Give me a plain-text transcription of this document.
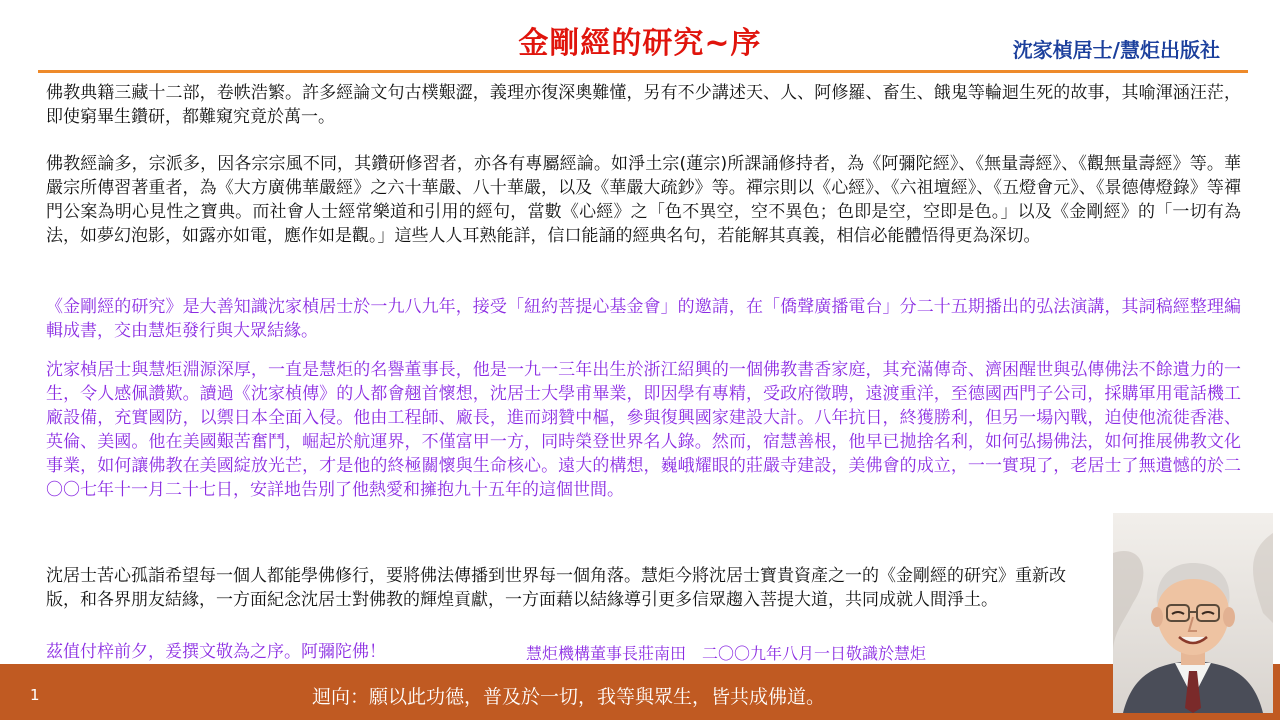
金剛經的研究~序	沈家楨居士/慧炬出版社

佛教典籍三藏十二部，卷帙浩繁。許多經論文句古樸艱澀，義理亦復深奧難懂，另有不少講述天、人、阿修羅、畜生、餓鬼等輪迴生死的故事，其喻渾涵汪茫，即使窮畢生鑽研，都難窺究竟於萬一。

佛教經論多，宗派多，因各宗宗風不同，其鑽研修習者，亦各有專屬經論。如淨土宗(蓮宗)所課誦修持者，為《阿彌陀經》、《無量壽經》、《觀無量壽經》等。華嚴宗所傳習著重者，為《大方廣佛華嚴經》之六十華嚴、八十華嚴，以及《華嚴大疏鈔》等。禪宗則以《心經》、《六祖壇經》、《五燈會元》、《景德傳燈錄》等禪門公案為明心見性之寶典。而社會人士經常樂道和引用的經句，當數《心經》之「色不異空，空不異色；色即是空，空即是色。」以及《金剛經》的「一切有為法，如夢幻泡影，如露亦如電，應作如是觀。」這些人人耳熟能詳，信口能誦的經典名句，若能解其真義，相信必能體悟得更為深切。

《金剛經的研究》是大善知識沈家楨居士於一九八九年，接受「紐約菩提心基金會」的邀請，在「僑聲廣播電台」分二十五期播出的弘法演講，其詞稿經整理編輯成書，交由慧炬發行與大眾結緣。

沈家楨居士與慧炬淵源深厚，一直是慧炬的名譽董事長，他是一九一三年出生於浙江紹興的一個佛教書香家庭，其充滿傳奇、濟困醒世與弘傳佛法不餘遺力的一生，令人感佩讚歎。讀過《沈家楨傳》的人都會翹首懷想，沈居士大學甫畢業，即因學有專精，受政府徵聘，遠渡重洋，至德國西門子公司，採購軍用電話機工廠設備，充實國防，以禦日本全面入侵。他由工程師、廠長，進而翊贊中樞，參與復興國家建設大計。八年抗日，終獲勝利，但另一場內戰，迫使他流徙香港、英倫、美國。他在美國艱苦奮鬥，崛起於航運界，不僅富甲一方，同時榮登世界名人錄。然而，宿慧善根，他早已拋捨名利，如何弘揚佛法，如何推展佛教文化事業，如何讓佛教在美國綻放光芒，才是他的終極關懷與生命核心。遠大的構想，巍峨耀眼的莊嚴寺建設，美佛會的成立，一一實現了，老居士了無遺憾的於二〇〇七年十一月二十七日，安詳地告別了他熱愛和擁抱九十五年的這個世間。

沈居士苦心孤詣希望每一個人都能學佛修行，要將佛法傳播到世界每一個角落。慧炬今將沈居士寶貴資產之一的《金剛經的研究》重新改版，和各界朋友結緣，一方面紀念沈居士對佛教的輝煌貢獻，一方面藉以結緣導引更多信眾趨入菩提大道，共同成就人間淨土。

茲值付梓前夕，爰撰文敬為之序。阿彌陀佛！	慧炬機構董事長莊南田　二〇〇九年八月一日敬識於慧炬
1	迴向：願以此功德，普及於一切，我等與眾生，皆共成佛道。
